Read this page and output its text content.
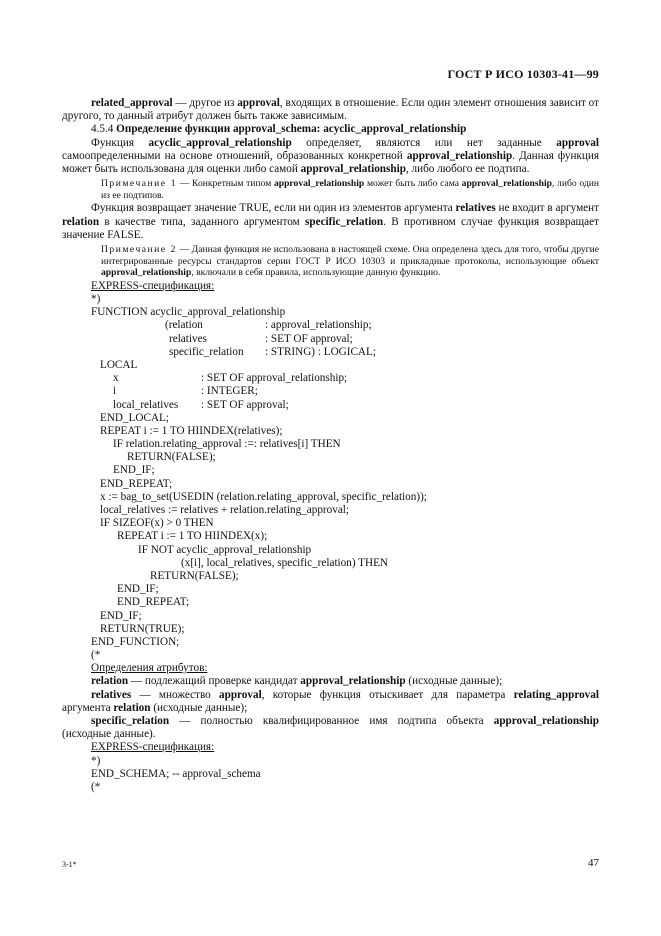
ГОСТ Р ИСО 10303-41—99

related_approval — другое из approval, входящих в отношение. Если один элемент отношения зависит от другого, то данный атрибут должен быть также зависимым.

4.5.4 Определение функции approval_schema: acyclic_approval_relationship

Функция acyclic_approval_relationship определяет, являются или нет заданные approval самоопределенными на основе отношений, образованных конкретной approval_relationship. Данная функция может быть использована для оценки либо самой approval_relationship, либо любого ее подтипа.

Примечание 1 — Конкретным типом approval_relationship может быть либо сама approval_relationship, либо один из ее подтипов.

Функция возвращает значение TRUE, если ни один из элементов аргумента relatives не входит в аргумент relation в качестве типа, заданного аргументом specific_relation. В противном случае функция возвращает значение FALSE.

Примечание 2 — Данная функция не использована в настоящей схеме. Она определена здесь для того, чтобы другие интегрированные ресурсы стандартов серии ГОСТ Р ИСО 10303 и прикладные протоколы, использующие объект approval_relationship, включали в себя правила, использующие данную функцию.

EXPRESS-спецификация:

*)
FUNCTION acyclic_approval_relationship
(relation	: approval_relationship;
relatives	: SET OF approval;
specific_relation : STRING) : LOGICAL;
LOCAL
x	: SET OF approval_relationship;
i	: INTEGER;
local_relatives : SET OF approval;
END_LOCAL;
REPEAT i := 1 TO HIINDEX(relatives);
IF relation.relating_approval :=: relatives[i] THEN
RETURN(FALSE);
END_IF;
END_REPEAT;
x := bag_to_set(USEDIN (relation.relating_approval, specific_relation));
local_relatives := relatives + relation.relating_approval;
IF SIZEOF(x) > 0 THEN
REPEAT i := 1 TO HIINDEX(x);
IF NOT acyclic_approval_relationship
(x[i], local_relatives, specific_relation) THEN
RETURN(FALSE);
END_IF;
END_REPEAT;
END_IF;
RETURN(TRUE);
END_FUNCTION;
(*

Определения атрибутов:

relation — подлежащий проверке кандидат approval_relationship (исходные данные);

relatives — множество approval, которые функция отыскивает для параметра relating_approval аргумента relation (исходные данные);

specific_relation — полностью квалифицированное имя подтипа объекта approval_relationship (исходные данные).

EXPRESS-спецификация:

*)
END_SCHEMA; -- approval_schema
(*
3-1*	47
